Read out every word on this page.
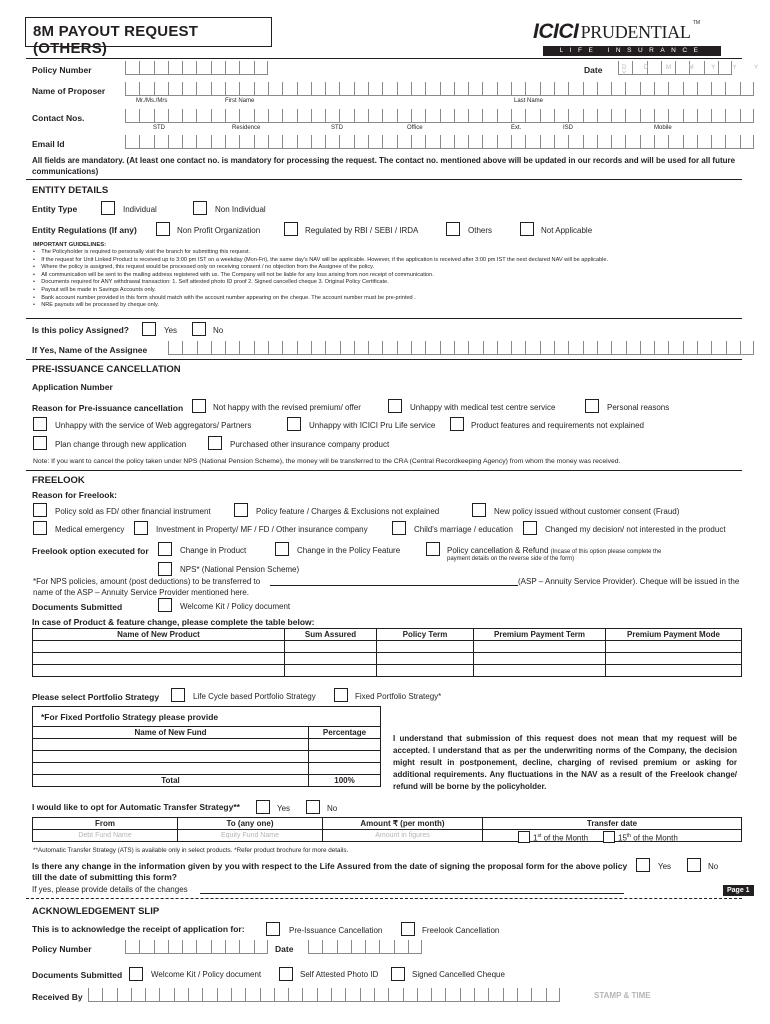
8M PAYOUT REQUEST (OTHERS)
ICICI PRUDENTIAL ™
LIFE INSURANCE
Policy Number	Date	D D M M Y Y Y Y
Name of Proposer
Mr./Ms./Mrs	First Name	Last Name
Contact Nos.
STD	Residence	STD	Office	Ext.	ISD	Mobile
Email Id
All fields are mandatory. (At least one contact no. is mandatory for processing the request. The contact no. mentioned above will be updated in our records and will be used for all future communications)
ENTITY DETAILS
Entity Type	Individual	Non Individual
Entity Regulations (If any)	Non Profit Organization	Regulated by RBI / SEBI / IRDA	Others	Not Applicable
IMPORTANT GUIDELINES:
•    The Policyholder is required to personally visit the branch for submitting this request.
•    If the request for Unit Linked Product is received up to 3:00 pm IST on a weekday (Mon-Fri), the same day's NAV will be applicable. However, if the application is received after 3:00 pm IST the next declared NAV will be applicable.
•    Where the policy is assigned, this request would be processed only on receiving consent / no objection from the Assignee of the policy.
•    All communication will be sent to the mailing address registered with us. The Company will not be liable for any loss arising from non receipt of communication.
•    Documents required for ANY withdrawal transaction: 1. Self attested photo ID proof 2. Signed cancelled cheque 3. Original Policy Certificate.
•    Payout will be made in Savings Accounts only.
•    Bank account number provided in this form should match with the account number appearing on the cheque. The account number must be pre-printed .
•    NRE payouts will be processed by cheque only.
Is this policy Assigned?	Yes	No
If Yes, Name of the Assignee
PRE-ISSUANCE CANCELLATION
Application Number
Reason for Pre-issuance cancellation	Not happy with the revised premium/ offer	Unhappy with medical test centre service	Personal reasons
Unhappy with the service of Web aggregators/ Partners	Unhappy with ICICI Pru Life service	Product features and requirements not explained
Plan change through new application	Purchased other insurance company product
Note: If you want to cancel the policy taken under NPS (National Pension Scheme), the money will be transferred to the CRA (Central Recordkeeping Agency) from whom the money was received.
FREELOOK
Reason for Freelook:
Policy sold as FD/ other financial instrument	Policy feature / Charges & Exclusions not explained	New policy issued without customer consent (Fraud)
Medical emergency	Investment in Property/ MF / FD / Other insurance company	Child's marriage / education	Changed my decision/ not interested in the product
Freelook option executed for	Change in Product	Change in the Policy Feature	Policy cancellation & Refund (Incase of this option please complete the
payment details on the reverse side of the form)
NPS* (National Pension Scheme)
*For NPS policies, amount (post deductions) to be transferred to	(ASP – Annuity Service Provider). Cheque will be issued in the
name of the ASP – Annuity Service Provider mentioned here.
Documents Submitted	Welcome Kit / Policy document
In case of Product & feature change, please complete the table below:
Name of New Product	Sum Assured	Policy Term	Premium Payment Term	Premium Payment Mode

Please select Portfolio Strategy	Life Cycle based Portfolio Strategy	Fixed Portfolio Strategy*
*For Fixed Portfolio Strategy please provide
Name of New Fund	Percentage

Total	100%
I understand that submission of this request does not mean that my request will be accepted. I understand that as per the underwriting norms of the Company, the decision might result in postponement, decline, charging of revised premium or asking for additional requirements. Any fluctuations in the NAV as a result of the Freelook change/ refund will be borne by the policyholder.
I would like to opt for Automatic Transfer Strategy**	Yes	No
From	To (any one)	Amount ₹ (per month)	Transfer date
Debt Fund Name	Equity Fund Name	Amount in figures		1st of the Month	15th of the Month
**Automatic Transfer Strategy (ATS) is available only in select products. *Refer product brochure for more details.
Is there any change in the information given by you with respect to the Life Assured from the date of signing the proposal form for the above policy
till the date of submitting this form?
Yes	No
If yes, please provide details of the changes	Page 1
ACKNOWLEDGEMENT SLIP
This is to acknowledge the receipt of application for:	Pre-Issuance Cancellation	Freelook Cancellation
Policy Number	Date
Documents Submitted	Welcome Kit / Policy document	Self Attested Photo ID	Signed Cancelled Cheque
Received By	STAMP & TIME
